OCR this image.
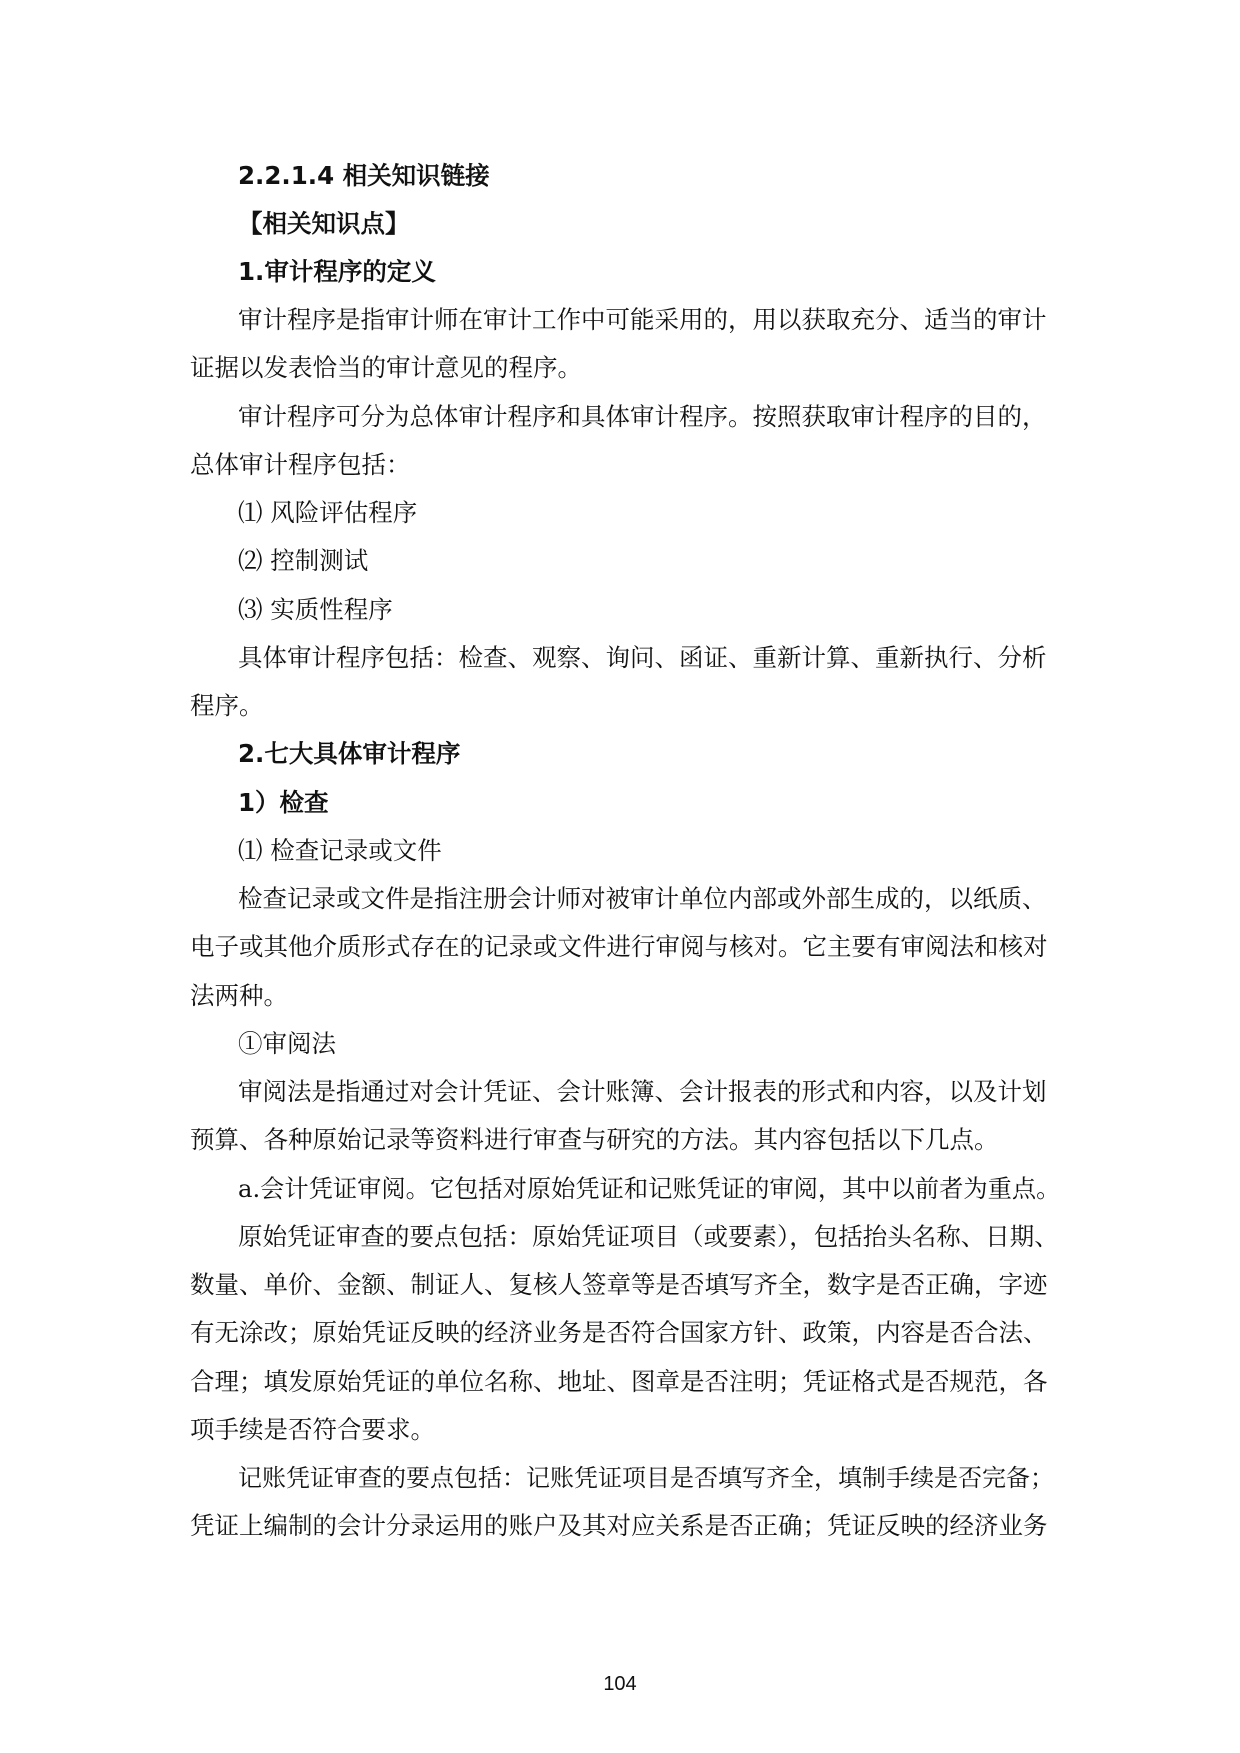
2.2.1.4 相关知识链接
【相关知识点】
1.审计程序的定义
审计程序是指审计师在审计工作中可能采用的，用以获取充分、适当的审计
证据以发表恰当的审计意见的程序。
审计程序可分为总体审计程序和具体审计程序。按照获取审计程序的目的，
总体审计程序包括：
⑴ 风险评估程序
⑵ 控制测试
⑶ 实质性程序
具体审计程序包括：检查、观察、询问、函证、重新计算、重新执行、分析
程序。
2.七大具体审计程序
1）检查
⑴ 检查记录或文件
检查记录或文件是指注册会计师对被审计单位内部或外部生成的，以纸质、
电子或其他介质形式存在的记录或文件进行审阅与核对。它主要有审阅法和核对
法两种。
①审阅法
审阅法是指通过对会计凭证、会计账簿、会计报表的形式和内容，以及计划
预算、各种原始记录等资料进行审查与研究的方法。其内容包括以下几点。
a.会计凭证审阅。它包括对原始凭证和记账凭证的审阅，其中以前者为重点。
原始凭证审查的要点包括：原始凭证项目（或要素），包括抬头名称、日期、
数量、单价、金额、制证人、复核人签章等是否填写齐全，数字是否正确，字迹
有无涂改；原始凭证反映的经济业务是否符合国家方针、政策，内容是否合法、
合理；填发原始凭证的单位名称、地址、图章是否注明；凭证格式是否规范，各
项手续是否符合要求。
记账凭证审查的要点包括：记账凭证项目是否填写齐全，填制手续是否完备；
凭证上编制的会计分录运用的账户及其对应关系是否正确；凭证反映的经济业务
104
